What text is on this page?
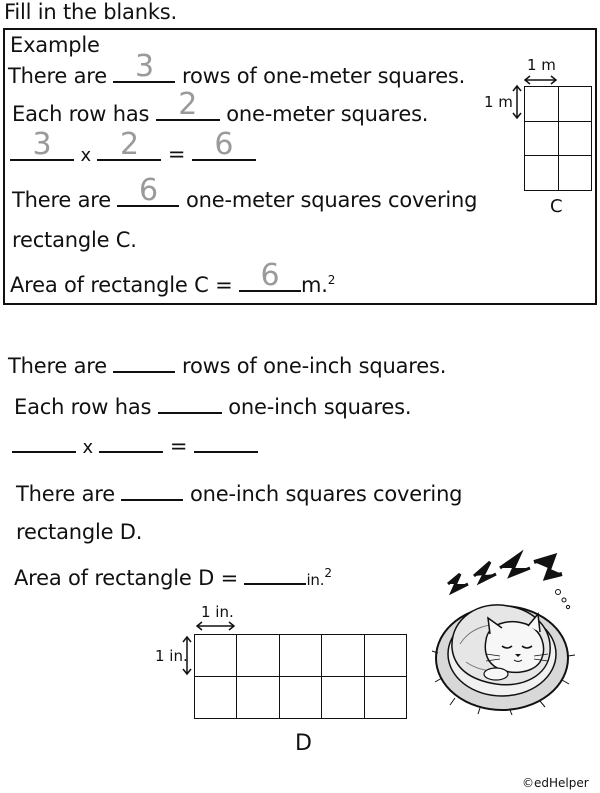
Fill in the blanks.
Example
There are 3	rows of one-meter squares.
Each row has 2	one-meter squares.
3	x 2	= 6
There are 6	one-meter squares covering
rectangle C.
Area of rectangle C = 6	m.$^2$
1 m
1 m

C
There are	rows of one-inch squares.
Each row has	one-inch squares.
x	=
There are	one-inch squares covering
rectangle D.
Area of rectangle D =	in.$^2$
1 in.
1 in.

D
©edHelper
